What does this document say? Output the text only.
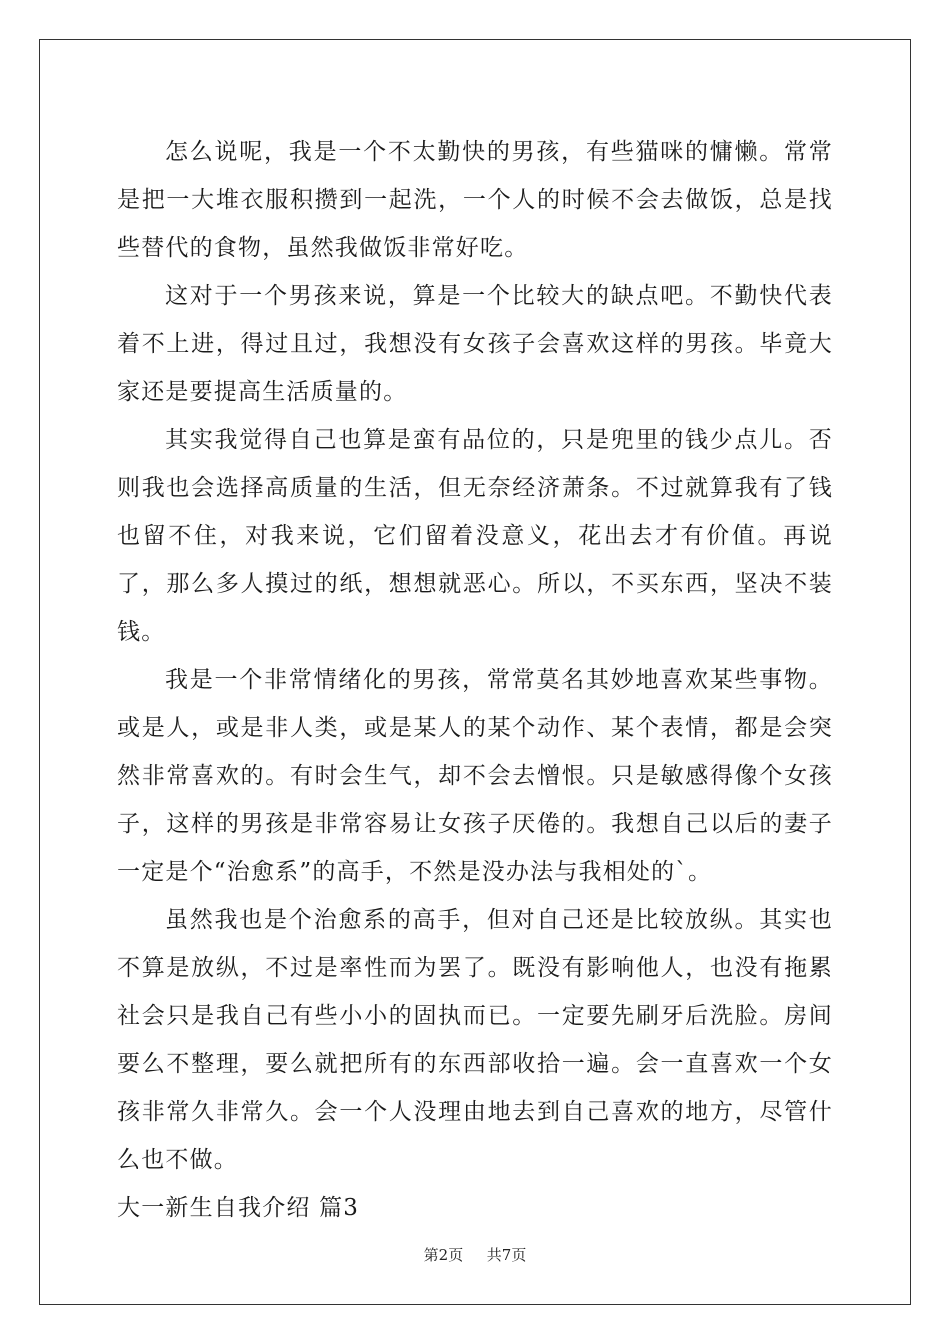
怎么说呢，我是一个不太勤快的男孩，有些猫咪的慵懒。常常是把一大堆衣服积攒到一起洗，一个人的时候不会去做饭，总是找些替代的食物，虽然我做饭非常好吃。

这对于一个男孩来说，算是一个比较大的缺点吧。不勤快代表着不上进，得过且过，我想没有女孩子会喜欢这样的男孩。毕竟大家还是要提高生活质量的。

其实我觉得自己也算是蛮有品位的，只是兜里的钱少点儿。否则我也会选择高质量的生活，但无奈经济萧条。不过就算我有了钱也留不住，对我来说，它们留着没意义，花出去才有价值。再说了，那么多人摸过的纸，想想就恶心。所以，不买东西，坚决不装钱。

我是一个非常情绪化的男孩，常常莫名其妙地喜欢某些事物。或是人，或是非人类，或是某人的某个动作、某个表情，都是会突然非常喜欢的。有时会生气，却不会去憎恨。只是敏感得像个女孩子，这样的男孩是非常容易让女孩子厌倦的。我想自己以后的妻子一定是个“治愈系”的高手，不然是没办法与我相处的`。

虽然我也是个治愈系的高手，但对自己还是比较放纵。其实也不算是放纵，不过是率性而为罢了。既没有影响他人，也没有拖累社会只是我自己有些小小的固执而已。一定要先刷牙后洗脸。房间要么不整理，要么就把所有的东西部收拾一遍。会一直喜欢一个女孩非常久非常久。会一个人没理由地去到自己喜欢的地方，尽管什么也不做。

大一新生自我介绍 篇3

第2页 共7页
